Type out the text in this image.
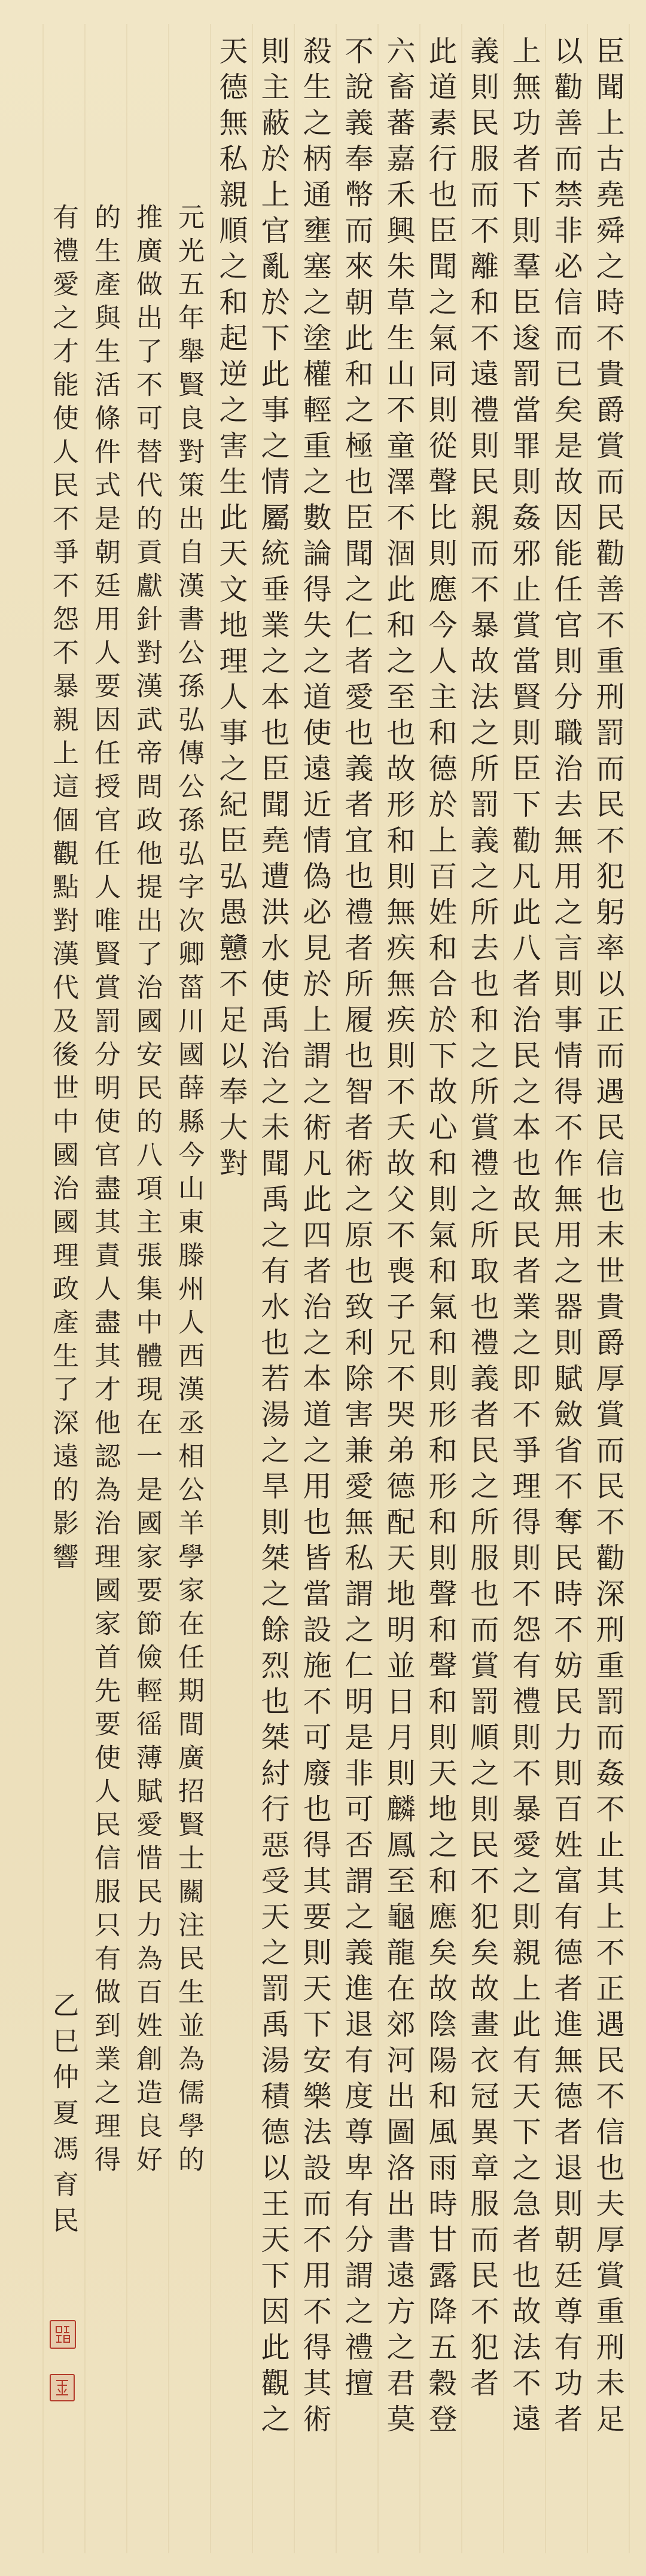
臣聞上古堯舜之時不貴爵賞而民勸善不重刑罰而民不犯躬率以正而遇民信也末世貴爵厚賞而民不勸深刑重罰而姦不止其上不正遇民不信也夫厚賞重刑未足
以勸善而禁非必信而已矣是故因能任官則分職治去無用之言則事情得不作無用之器則賦斂省不奪民時不妨民力則百姓富有德者進無德者退則朝廷尊有功者
上無功者下則羣臣逡罰當罪則姦邪止賞當賢則臣下勸凡此八者治民之本也故民者業之即不爭理得則不怨有禮則不暴愛之則親上此有天下之急者也故法不遠
義則民服而不離和不遠禮則民親而不暴故法之所罰義之所去也和之所賞禮之所取也禮義者民之所服也而賞罰順之則民不犯矣故畫衣冠異章服而民不犯者
此道素行也臣聞之氣同則從聲比則應今人主和德於上百姓和合於下故心和則氣和氣和則形和形和則聲和聲和則天地之和應矣故陰陽和風雨時甘露降五穀登
六畜蕃嘉禾興朱草生山不童澤不涸此和之至也故形和則無疾無疾則不夭故父不喪子兄不哭弟德配天地明並日月則麟鳳至龜龍在郊河出圖洛出書遠方之君莫
不說義奉幣而來朝此和之極也臣聞之仁者愛也義者宜也禮者所履也智者術之原也致利除害兼愛無私謂之仁明是非可否謂之義進退有度尊卑有分謂之禮擅
殺生之柄通壅塞之塗權輕重之數論得失之道使遠近情偽必見於上謂之術凡此四者治之本道之用也皆當設施不可廢也得其要則天下安樂法設而不用不得其術
則主蔽於上官亂於下此事之情屬統垂業之本也臣聞堯遭洪水使禹治之未聞禹之有水也若湯之旱則桀之餘烈也桀紂行惡受天之罰禹湯積德以王天下因此觀之
天德無私親順之和起逆之害生此天文地理人事之紀臣弘愚戇不足以奉大對
元光五年舉賢良對策出自漢書公孫弘傳公孫弘字次卿菑川國薛縣今山東滕州人西漢丞相公羊學家在任期間廣招賢士關注民生並為儒學的
推廣做出了不可替代的貢獻針對漢武帝問政他提出了治國安民的八項主張集中體現在一是國家要節儉輕徭薄賦愛惜民力為百姓創造良好
的生產與生活條件式是朝廷用人要因任授官任人唯賢賞罰分明使官盡其責人盡其才他認為治理國家首先要使人民信服只有做到業之理得
有禮愛之才能使人民不爭不怨不暴親上這個觀點對漢代及後世中國治國理政產生了深遠的影響
乙巳仲夏馮育民
